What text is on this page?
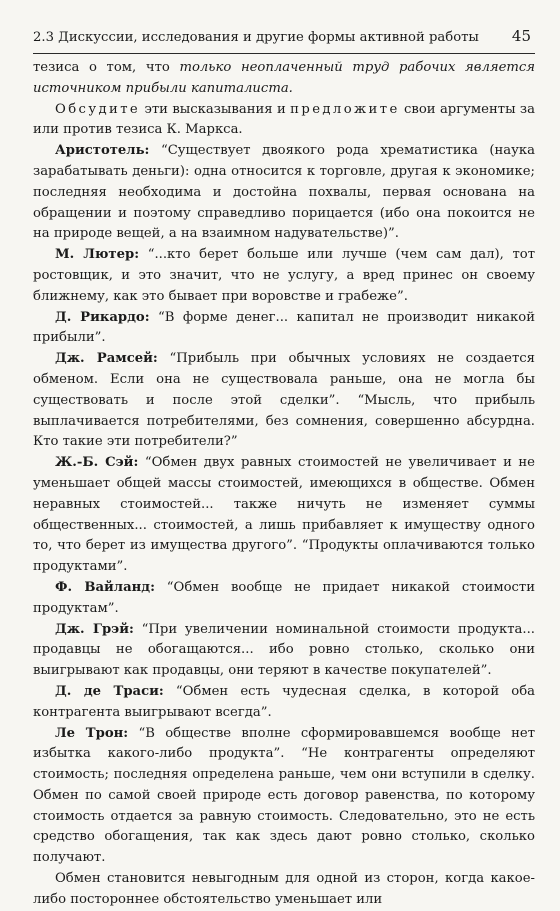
2.3 Дискуссии, исследования и другие формы активной работы 45

тезиса о том, что только неоплаченный труд рабочих является источником прибыли капиталиста.

Обсудите эти высказывания и предложите свои аргументы за или против тезиса К. Маркса.

Аристотель: “Существует двоякого рода хрематистика (наука зарабатывать деньги): одна относится к торговле, другая к экономике; последняя необходима и достойна похвалы, первая основана на обращении и поэтому справедливо порицается (ибо она покоится не на природе вещей, а на взаимном надувательстве)”.

М. Лютер: “...кто берет больше или лучше (чем сам дал), тот ростовщик, и это значит, что не услугу, а вред принес он своему ближнему, как это бывает при воровстве и грабеже”.

Д. Рикардо: “В форме денег... капитал не производит никакой прибыли”.

Дж. Рамсей: “Прибыль при обычных условиях не создается обменом. Если она не существовала раньше, она не могла бы существовать и после этой сделки”. “Мысль, что прибыль выплачивается потребителями, без сомнения, совершенно абсурдна. Кто такие эти потребители?”

Ж.-Б. Сэй: “Обмен двух равных стоимостей не увеличивает и не уменьшает общей массы стоимостей, имеющихся в обществе. Обмен неравных стоимостей... также ничуть не изменяет суммы общественных... стоимостей, а лишь прибавляет к имуществу одного то, что берет из имущества другого”. “Продукты оплачиваются только продуктами”.

Ф. Вайланд: “Обмен вообще не придает никакой стоимости продуктам”.

Дж. Грэй: “При увеличении номинальной стоимости продукта... продавцы не обогащаются... ибо ровно столько, сколько они выигрывают как продавцы, они теряют в качестве покупателей”.

Д. де Траси: “Обмен есть чудесная сделка, в которой оба контрагента выигрывают всегда”.

Ле Трон: “В обществе вполне сформировавшемся вообще нет избытка какого-либо продукта”. “Не контрагенты определяют стоимость; последняя определена раньше, чем они вступили в сделку. Обмен по самой своей природе есть договор равенства, по которому стоимость отдается за равную стоимость. Следовательно, это не есть средство обогащения, так как здесь дают ровно столько, сколько получают.

Обмен становится невыгодным для одной из сторон, когда какое-либо постороннее обстоятельство уменьшает или
